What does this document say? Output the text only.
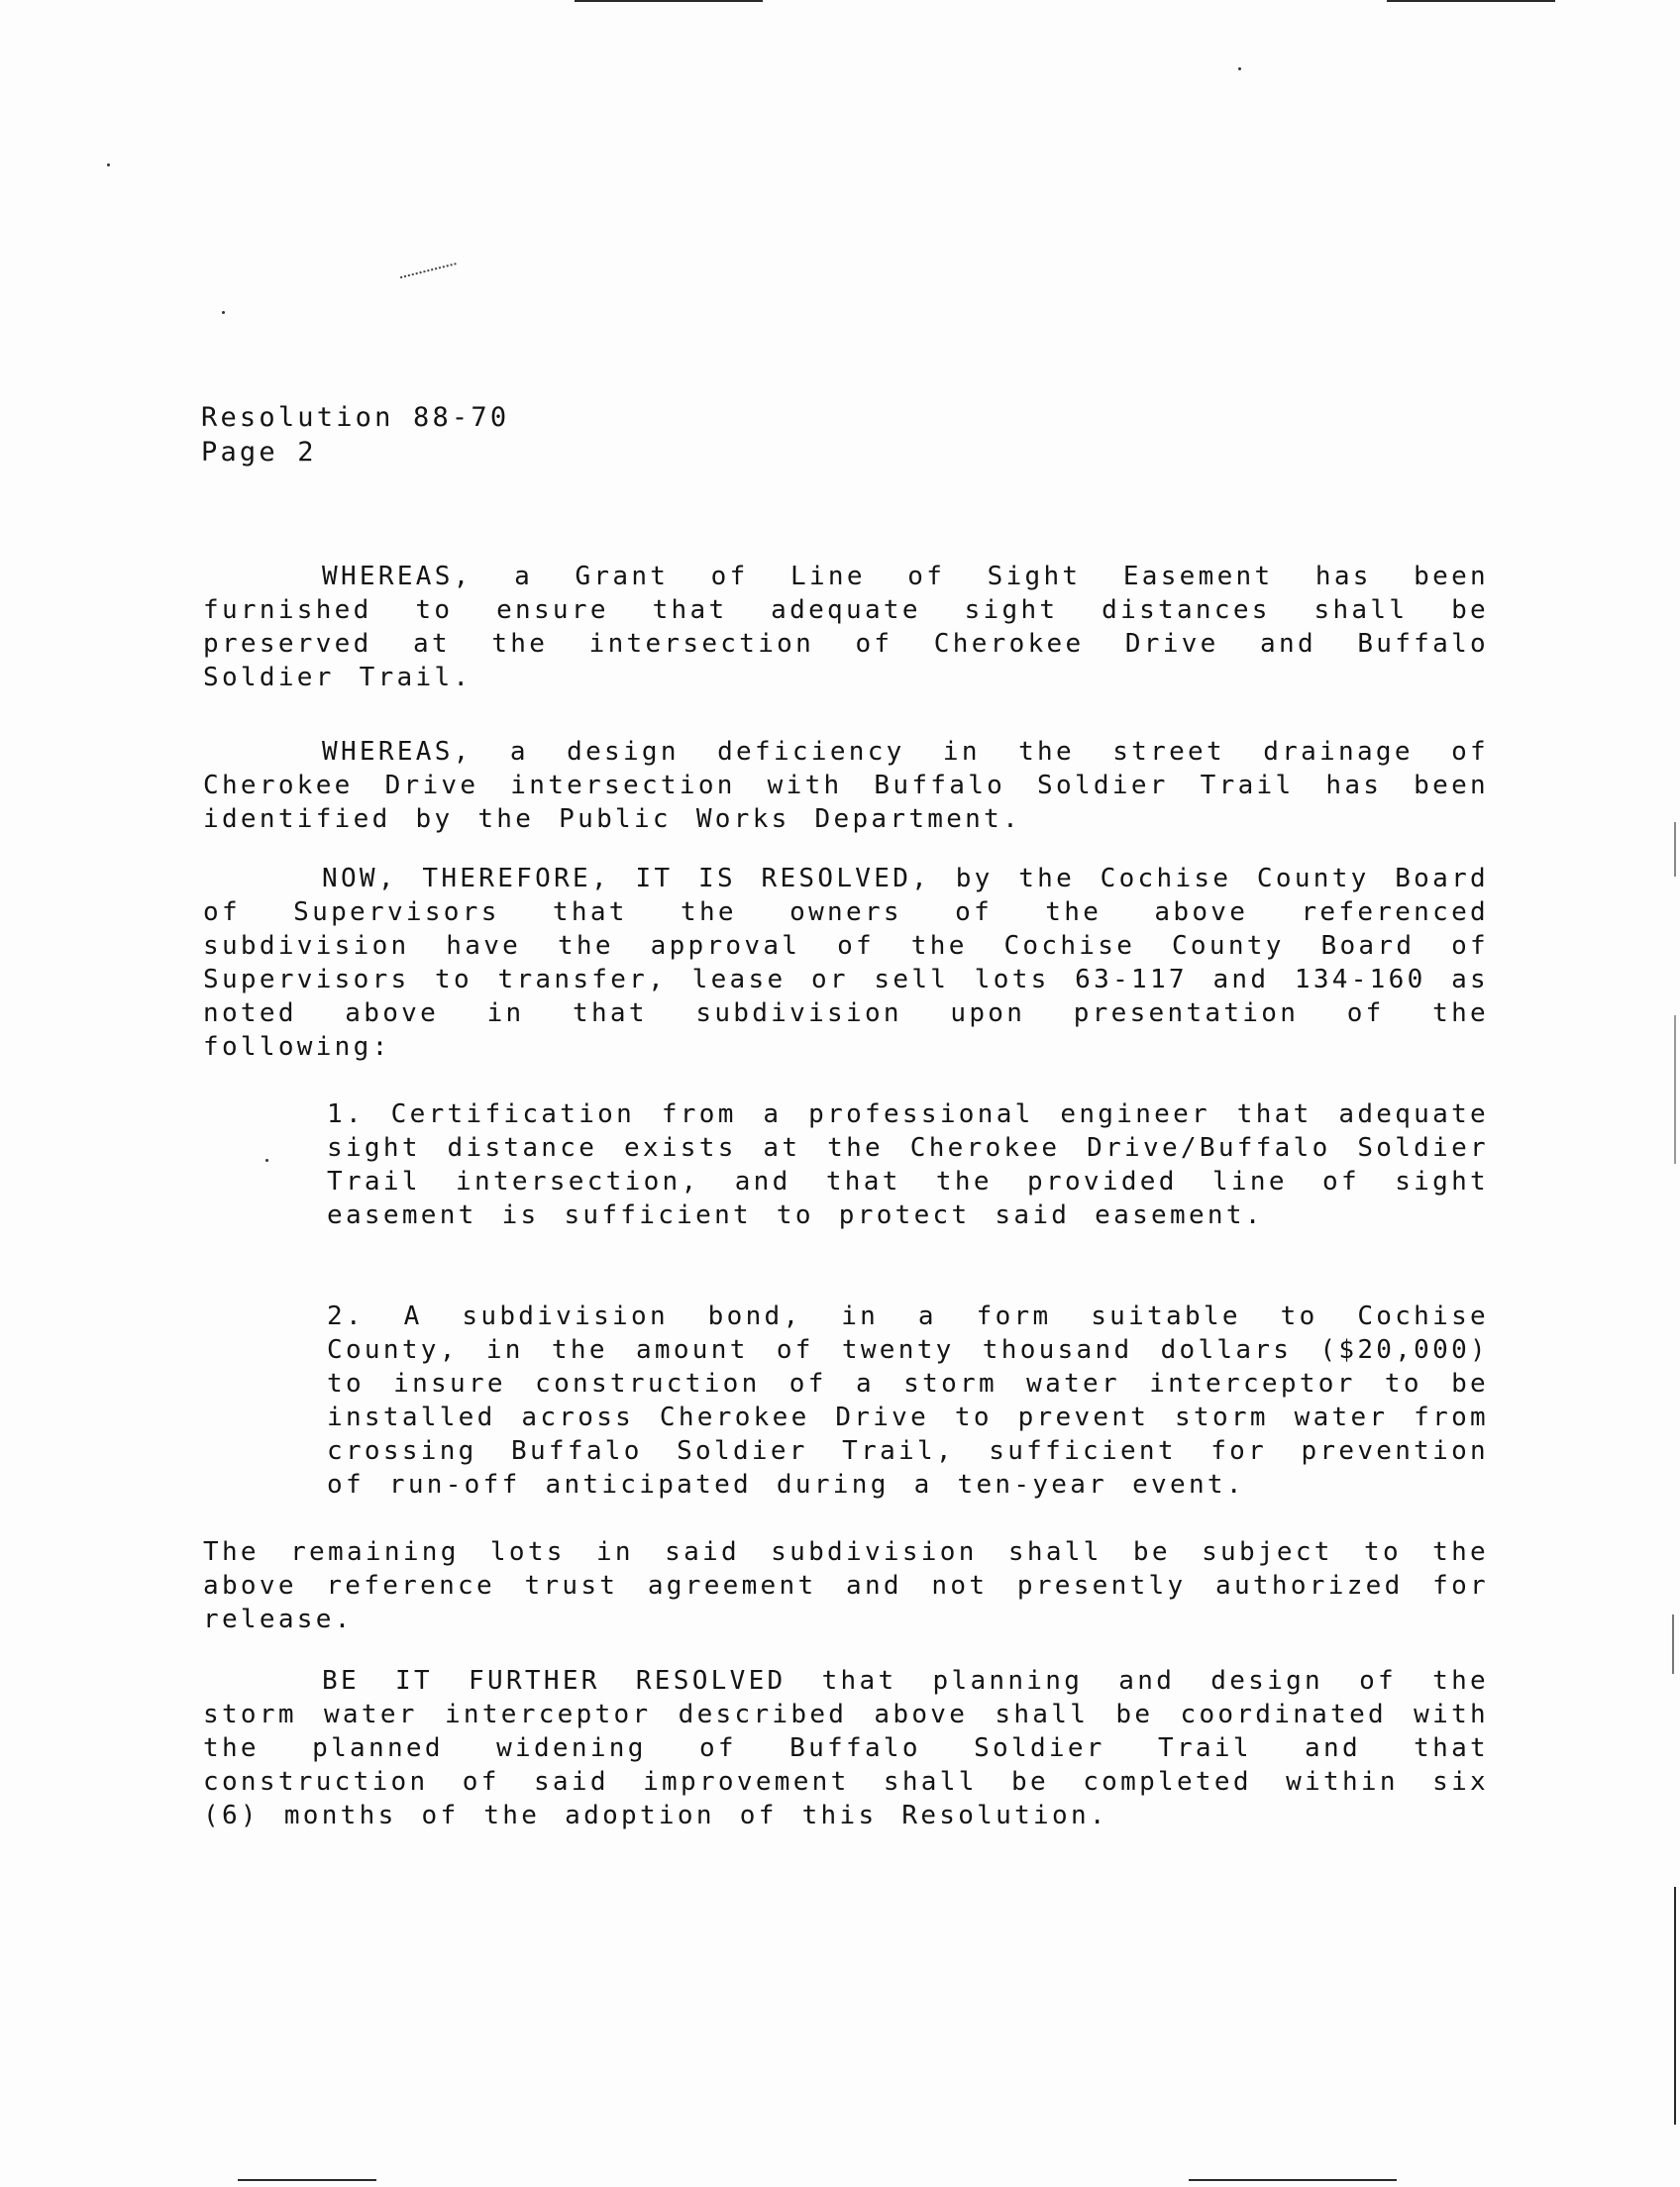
Resolution 88-70
Page 2

WHEREAS, a Grant of Line of Sight Easement has been furnished to ensure that adequate sight distances shall be preserved at the intersection of Cherokee Drive and Buffalo Soldier Trail.

WHEREAS, a design deficiency in the street drainage of Cherokee Drive intersection with Buffalo Soldier Trail has been identified by the Public Works Department.

NOW, THEREFORE, IT IS RESOLVED, by the Cochise County Board of Supervisors that the owners of the above referenced subdivision have the approval of the Cochise County Board of Supervisors to transfer, lease or sell lots 63-117 and 134-160 as noted above in that subdivision upon presentation of the following:

1. Certification from a professional engineer that adequate sight distance exists at the Cherokee Drive/Buffalo Soldier Trail intersection, and that the provided line of sight easement is sufficient to protect said easement.

2. A subdivision bond, in a form suitable to Cochise County, in the amount of twenty thousand dollars ($20,000) to insure construction of a storm water interceptor to be installed across Cherokee Drive to prevent storm water from crossing Buffalo Soldier Trail, sufficient for prevention of run-off anticipated during a ten-year event.

The remaining lots in said subdivision shall be subject to the above reference trust agreement and not presently authorized for release.

BE IT FURTHER RESOLVED that planning and design of the storm water interceptor described above shall be coordinated with the planned widening of Buffalo Soldier Trail and that construction of said improvement shall be completed within six (6) months of the adoption of this Resolution.
